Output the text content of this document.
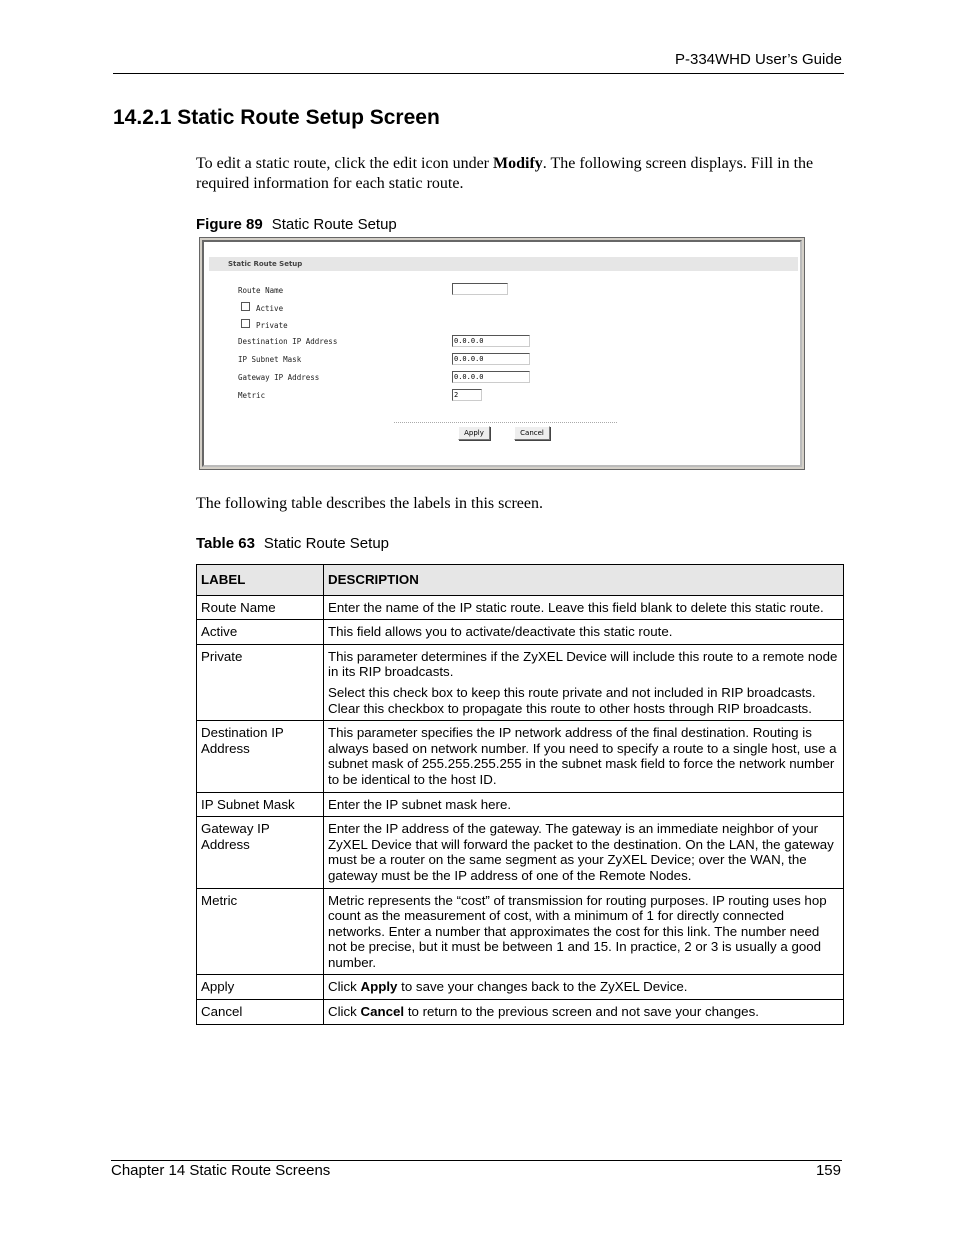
P-334WHD User’s Guide
14.2.1 Static Route Setup Screen
To edit a static route, click the edit icon under Modify. The following screen displays. Fill in the required information for each static route.
Figure 89 Static Route Setup
Static Route Setup
Route Name
Active
Private
Destination IP Address	0.0.0.0
IP Subnet Mask	0.0.0.0
Gateway IP Address	0.0.0.0
Metric	2
Apply	Cancel
The following table describes the labels in this screen.
Table 63 Static Route Setup
LABEL	DESCRIPTION
Route Name	Enter the name of the IP static route. Leave this field blank to delete this static route.
Active	This field allows you to activate/deactivate this static route.
Private	This parameter determines if the ZyXEL Device will include this route to a remote node in its RIP broadcasts.

Select this check box to keep this route private and not included in RIP broadcasts. Clear this checkbox to propagate this route to other hosts through RIP broadcasts.

Destination IP Address	This parameter specifies the IP network address of the final destination. Routing is always based on network number. If you need to specify a route to a single host, use a subnet mask of 255.255.255.255 in the subnet mask field to force the network number to be identical to the host ID.
IP Subnet Mask	Enter the IP subnet mask here.
Gateway IP Address	Enter the IP address of the gateway. The gateway is an immediate neighbor of your ZyXEL Device that will forward the packet to the destination. On the LAN, the gateway must be a router on the same segment as your ZyXEL Device; over the WAN, the gateway must be the IP address of one of the Remote Nodes.
Metric	Metric represents the “cost” of transmission for routing purposes. IP routing uses hop count as the measurement of cost, with a minimum of 1 for directly connected networks. Enter a number that approximates the cost for this link. The number need not be precise, but it must be between 1 and 15. In practice, 2 or 3 is usually a good number.
Apply	Click Apply to save your changes back to the ZyXEL Device.
Cancel	Click Cancel to return to the previous screen and not save your changes.
Chapter 14 Static Route Screens	159
